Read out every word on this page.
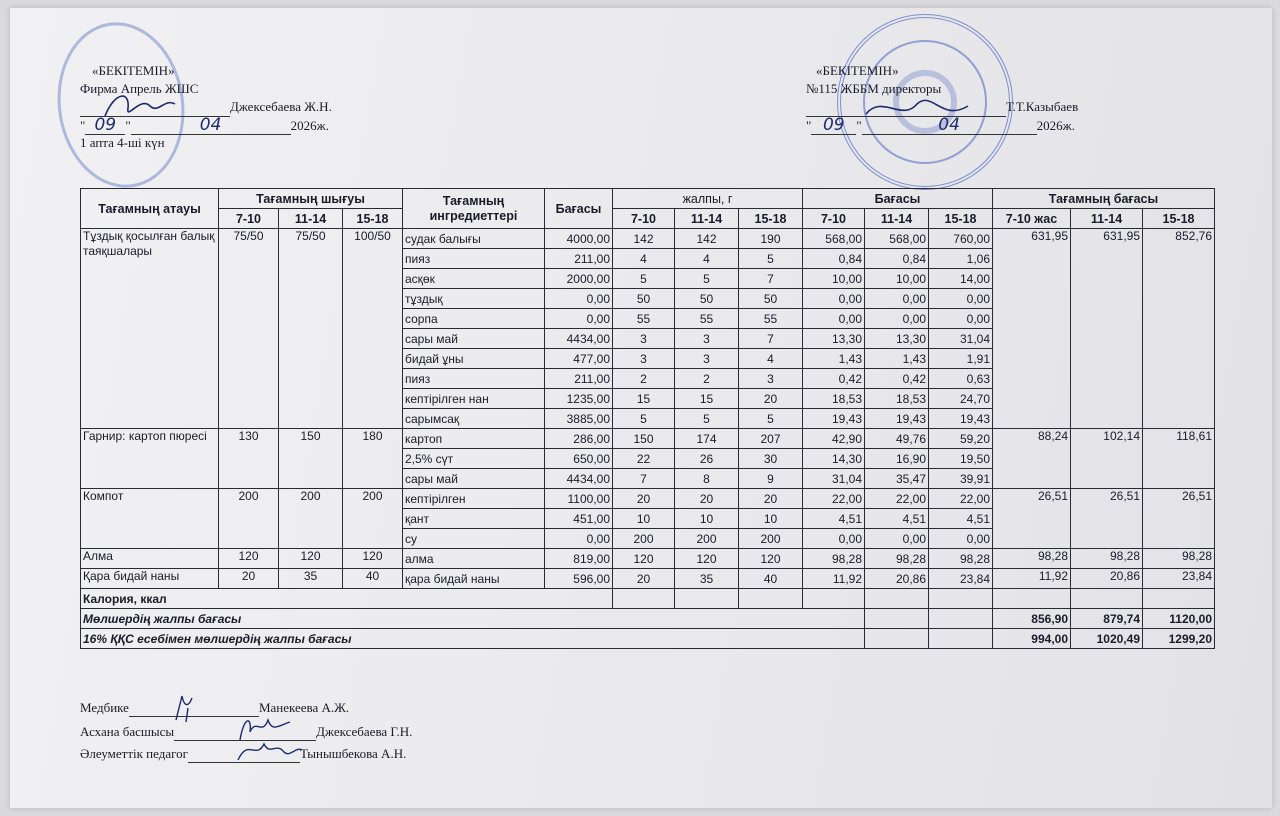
«БЕКІТЕМІН»
Фирма Апрель ЖШС
Джексебаева Ж.Н.
" 09 "	04	2026ж.
1 апта 4-ші күн
«БЕКІТЕМІН»
№115 ЖББМ директоры
Т.Т.Казыбаев
" 09 "	04	2026ж.
Тағамның атауы	Тағамның шығуы			Тағамның
ингредиеттері	Бағасы	жалпы, г			Бағасы			Тағамның бағасы		
	7-10	11-14	15-18			7-10	11-14	15-18	7-10	11-14	15-18	7-10 жас	11-14	15-18
Тұздық қосылған балық таяқшалары	75/50	75/50	100/50	судак балығы	4000,00	142	142	190	568,00	568,00	760,00	631,95	631,95	852,76
				пияз	211,00	4	4	5	0,84	0,84	1,06			
				асқөк	2000,00	5	5	7	10,00	10,00	14,00			
				тұздық	0,00	50	50	50	0,00	0,00	0,00			
				сорпа	0,00	55	55	55	0,00	0,00	0,00			
				сары май	4434,00	3	3	7	13,30	13,30	31,04			
				бидай ұны	477,00	3	3	4	1,43	1,43	1,91			
				пияз	211,00	2	2	3	0,42	0,42	0,63			
				кептірілген нан	1235,00	15	15	20	18,53	18,53	24,70			
				сарымсақ	3885,00	5	5	5	19,43	19,43	19,43			
Гарнир: картоп пюресі	130	150	180	картоп	286,00	150	174	207	42,90	49,76	59,20	88,24	102,14	118,61
				2,5% сүт	650,00	22	26	30	14,30	16,90	19,50			
				сары май	4434,00	7	8	9	31,04	35,47	39,91			
Компот	200	200	200	кептірілген	1100,00	20	20	20	22,00	22,00	22,00	26,51	26,51	26,51
				қант	451,00	10	10	10	4,51	4,51	4,51			
				су	0,00	200	200	200	0,00	0,00	0,00			
Алма	120	120	120	алма	819,00	120	120	120	98,28	98,28	98,28	98,28	98,28	98,28
Қара бидай наны	20	35	40	қара бидай наны	596,00	20	35	40	11,92	20,86	23,84	11,92	20,86	23,84
Калория, ккал														
Мөлшердің жалпы бағасы												856,90	879,74	1120,00
16% ҚҚС есебімен мөлшердің жалпы бағасы												994,00	1020,49	1299,20
Медбике	Манекеева А.Ж.
Асхана басшысы	Джексебаева Г.Н.
Әлеуметтік педагог	Тынышбекова А.Н.
